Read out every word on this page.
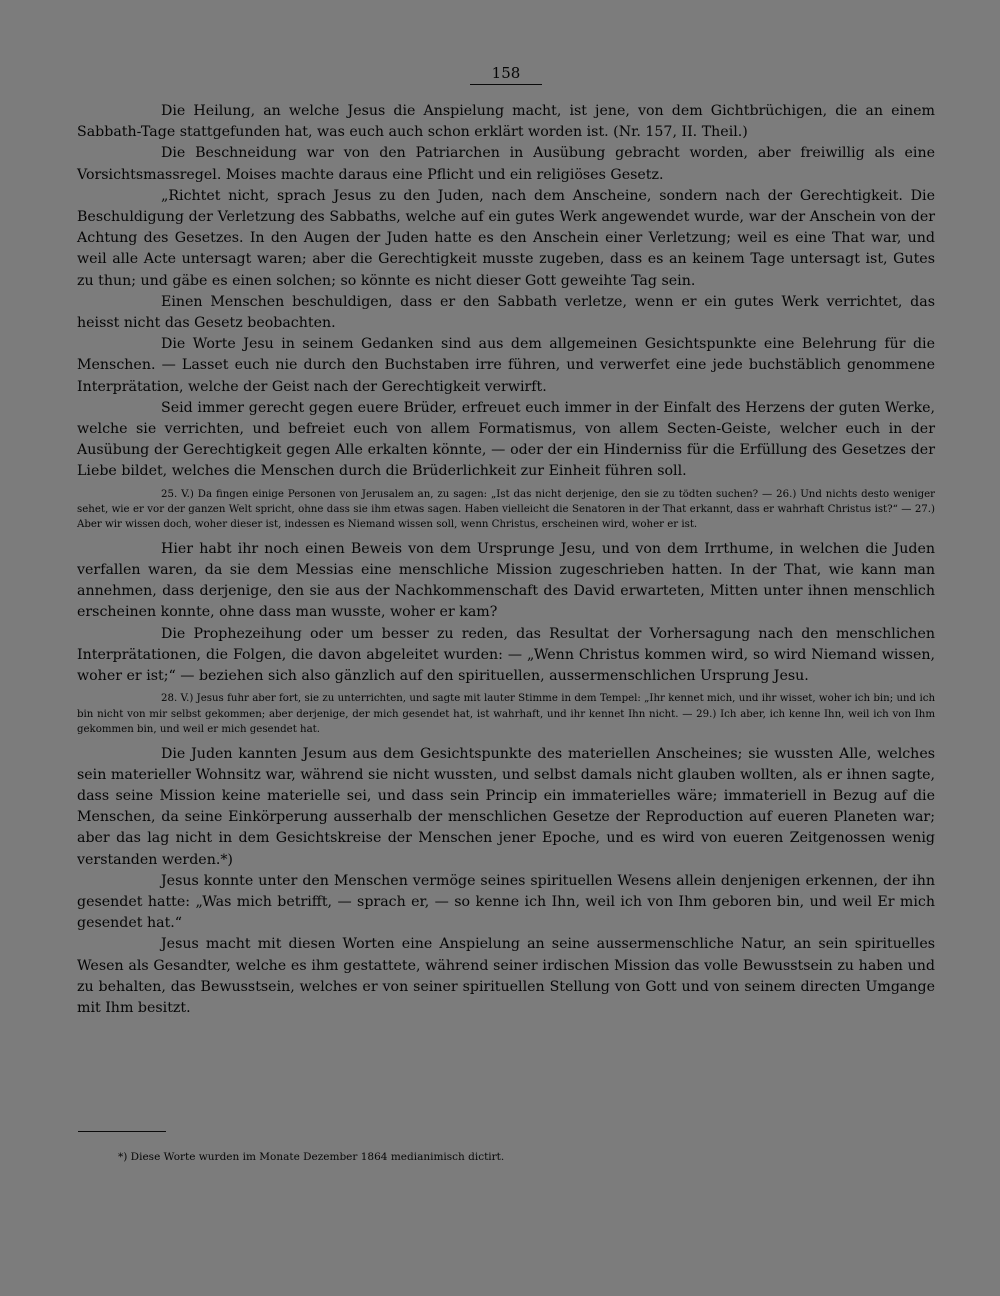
158

Die Heilung, an welche Jesus die Anspielung macht, ist jene, von dem Gichtbrüchigen, die an einem Sabbath-Tage stattgefunden hat, was euch auch schon erklärt worden ist. (Nr. 157, II. Theil.)

Die Beschneidung war von den Patriarchen in Ausübung gebracht worden, aber freiwillig als eine Vorsichtsmassregel. Moises machte daraus eine Pflicht und ein religiöses Gesetz.

„Richtet nicht, sprach Jesus zu den Juden, nach dem Anscheine, sondern nach der Gerechtigkeit. Die Beschuldigung der Verletzung des Sabbaths, welche auf ein gutes Werk angewendet wurde, war der Anschein von der Achtung des Gesetzes. In den Augen der Juden hatte es den Anschein einer Verletzung; weil es eine That war, und weil alle Acte untersagt waren; aber die Gerechtigkeit musste zugeben, dass es an keinem Tage untersagt ist, Gutes zu thun; und gäbe es einen solchen; so könnte es nicht dieser Gott geweihte Tag sein.

Einen Menschen beschuldigen, dass er den Sabbath verletze, wenn er ein gutes Werk verrichtet, das heisst nicht das Gesetz beobachten.

Die Worte Jesu in seinem Gedanken sind aus dem allgemeinen Gesichtspunkte eine Belehrung für die Menschen. — Lasset euch nie durch den Buchstaben irre führen, und verwerfet eine jede buchstäblich genommene Interprätation, welche der Geist nach der Gerechtigkeit verwirft.

Seid immer gerecht gegen euere Brüder, erfreuet euch immer in der Einfalt des Herzens der guten Werke, welche sie verrichten, und befreiet euch von allem Formatismus, von allem Secten-Geiste, welcher euch in der Ausübung der Gerechtigkeit gegen Alle erkalten könnte, — oder der ein Hinderniss für die Erfüllung des Gesetzes der Liebe bildet, welches die Menschen durch die Brüderlichkeit zur Einheit führen soll.

25. V.) Da fingen einige Personen von Jerusalem an, zu sagen: „Ist das nicht derjenige, den sie zu tödten suchen? — 26.) Und nichts desto weniger sehet, wie er vor der ganzen Welt spricht, ohne dass sie ihm etwas sagen. Haben vielleicht die Senatoren in der That erkannt, dass er wahrhaft Christus ist?“ — 27.) Aber wir wissen doch, woher dieser ist, indessen es Niemand wissen soll, wenn Christus, erscheinen wird, woher er ist.

Hier habt ihr noch einen Beweis von dem Ursprunge Jesu, und von dem Irrthume, in welchen die Juden verfallen waren, da sie dem Messias eine menschliche Mission zugeschrieben hatten. In der That, wie kann man annehmen, dass derjenige, den sie aus der Nachkommenschaft des David erwarteten, Mitten unter ihnen menschlich erscheinen konnte, ohne dass man wusste, woher er kam?

Die Prophezeihung oder um besser zu reden, das Resultat der Vorhersagung nach den menschlichen Interprätationen, die Folgen, die davon abgeleitet wurden: — „Wenn Christus kommen wird, so wird Niemand wissen, woher er ist;“ — beziehen sich also gänzlich auf den spirituellen, aussermenschlichen Ursprung Jesu.

28. V.) Jesus fuhr aber fort, sie zu unterrichten, und sagte mit lauter Stimme in dem Tempel: „Ihr kennet mich, und ihr wisset, woher ich bin; und ich bin nicht von mir selbst gekommen; aber derjenige, der mich gesendet hat, ist wahrhaft, und ihr kennet Ihn nicht. — 29.) Ich aber, ich kenne Ihn, weil ich von Ihm gekommen bin, und weil er mich gesendet hat.

Die Juden kannten Jesum aus dem Gesichtspunkte des materiellen Anscheines; sie wussten Alle, welches sein materieller Wohnsitz war, während sie nicht wussten, und selbst damals nicht glauben wollten, als er ihnen sagte, dass seine Mission keine materielle sei, und dass sein Princip ein immaterielles wäre; immateriell in Bezug auf die Menschen, da seine Einkörperung ausserhalb der menschlichen Gesetze der Reproduction auf eueren Planeten war; aber das lag nicht in dem Gesichtskreise der Menschen jener Epoche, und es wird von eueren Zeitgenossen wenig verstanden werden.*)

Jesus konnte unter den Menschen vermöge seines spirituellen Wesens allein denjenigen erkennen, der ihn gesendet hatte: „Was mich betrifft, — sprach er, — so kenne ich Ihn, weil ich von Ihm geboren bin, und weil Er mich gesendet hat.“

Jesus macht mit diesen Worten eine Anspielung an seine aussermenschliche Natur, an sein spirituelles Wesen als Gesandter, welche es ihm gestattete, während seiner irdischen Mission das volle Bewusstsein zu haben und zu behalten, das Bewusstsein, welches er von seiner spirituellen Stellung von Gott und von seinem directen Umgange mit Ihm besitzt.

*) Diese Worte wurden im Monate Dezember 1864 medianimisch dictirt.
